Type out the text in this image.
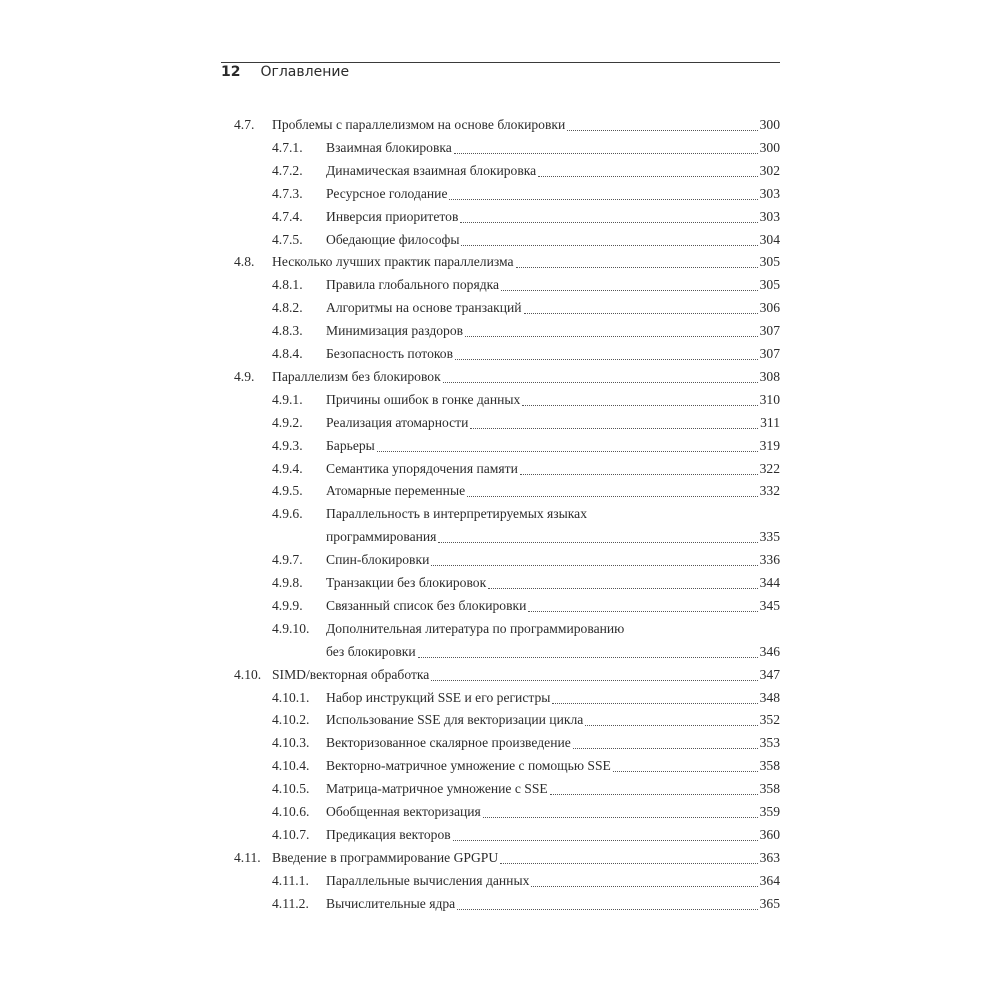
12 Оглавление
4.7. Проблемы с параллелизмом на основе блокировки	300
4.7.1. Взаимная блокировка	300
4.7.2. Динамическая взаимная блокировка	302
4.7.3. Ресурсное голодание	303
4.7.4. Инверсия приоритетов	303
4.7.5. Обедающие философы	304
4.8. Несколько лучших практик параллелизма	305
4.8.1. Правила глобального порядка	305
4.8.2. Алгоритмы на основе транзакций	306
4.8.3. Минимизация раздоров	307
4.8.4. Безопасность потоков	307
4.9. Параллелизм без блокировок	308
4.9.1. Причины ошибок в гонке данных	310
4.9.2. Реализация атомарности	311
4.9.3. Барьеры	319
4.9.4. Семантика упорядочения памяти	322
4.9.5. Атомарные переменные	332
4.9.6. Параллельность в интерпретируемых языках
программирования	335
4.9.7. Спин-блокировки	336
4.9.8. Транзакции без блокировок	344
4.9.9. Связанный список без блокировки	345
4.9.10. Дополнительная литература по программированию
без блокировки	346
4.10. SIMD/векторная обработка	347
4.10.1. Набор инструкций SSE и его регистры	348
4.10.2. Использование SSE для векторизации цикла	352
4.10.3. Векторизованное скалярное произведение	353
4.10.4. Векторно-матричное умножение с помощью SSE	358
4.10.5. Матрица-матричное умножение с SSE	358
4.10.6. Обобщенная векторизация	359
4.10.7. Предикация векторов	360
4.11. Введение в программирование GPGPU	363
4.11.1. Параллельные вычисления данных	364
4.11.2. Вычислительные ядра	365
